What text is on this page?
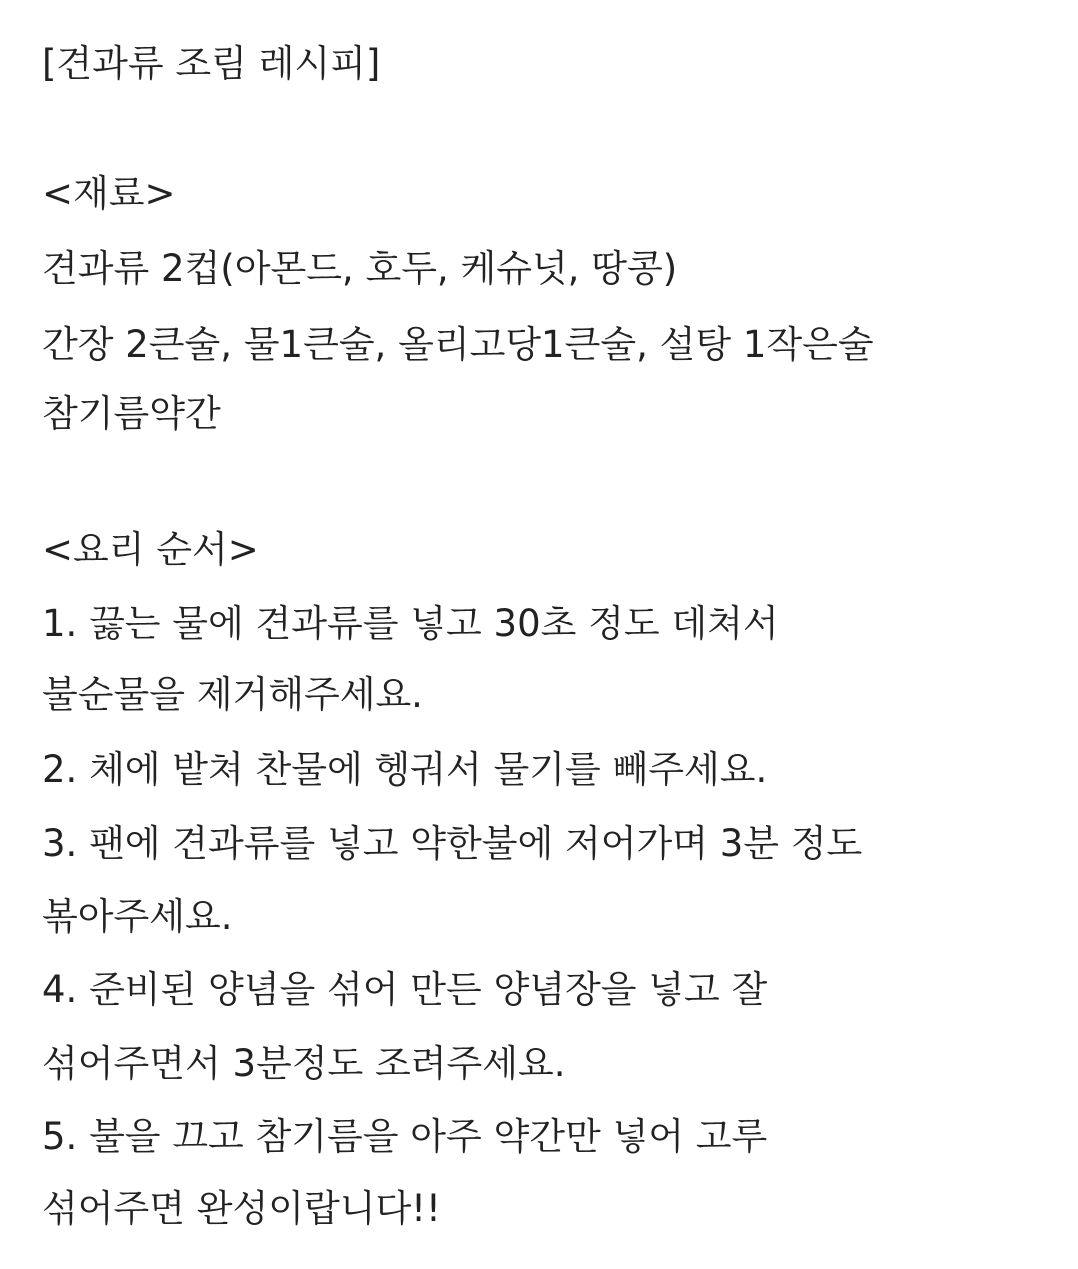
[견과류 조림 레시피]
<재료>
견과류 2컵(아몬드, 호두, 케슈넛, 땅콩)
간장 2큰술, 물1큰술, 올리고당1큰술, 설탕 1작은술
참기름약간
<요리 순서>
1. 끓는 물에 견과류를 넣고 30초 정도 데쳐서
불순물을 제거해주세요.
2. 체에 밭쳐 찬물에 헹궈서 물기를 빼주세요.
3. 팬에 견과류를 넣고 약한불에 저어가며 3분 정도
볶아주세요.
4. 준비된 양념을 섞어 만든 양념장을 넣고 잘
섞어주면서 3분정도 조려주세요.
5. 불을 끄고 참기름을 아주 약간만 넣어 고루
섞어주면 완성이랍니다!!
